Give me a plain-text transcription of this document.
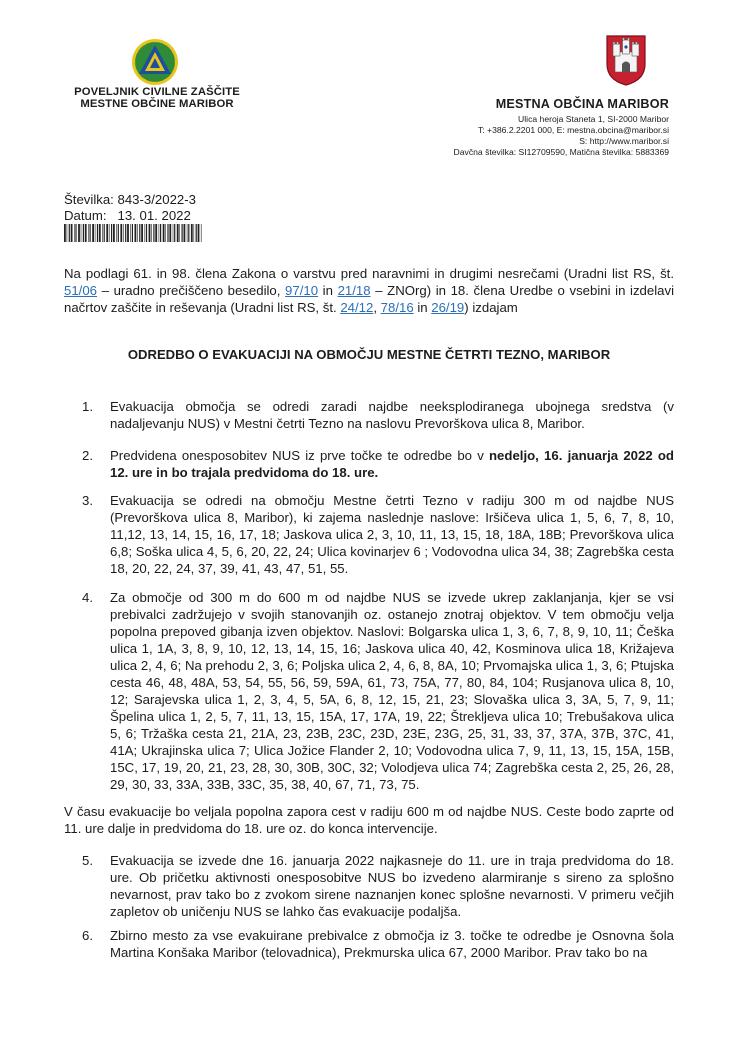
POVELJNIK CIVILNE ZAŠČITE
MESTNE OBČINE MARIBOR	MESTNA OBČINA MARIBOR
Ulica heroja Staneta 1, SI-2000 Maribor
T: +386.2.2201 000, E: mestna.obcina@maribor.si
S: http://www.maribor.si
Davčna številka: SI12709590, Matična številka: 5883369
Številka: 843-3/2022-3
Datum: 13. 01. 2022
Na podlagi 61. in 98. člena Zakona o varstvu pred naravnimi in drugimi nesrečami (Uradni list RS, št. 51/06 – uradno prečiščeno besedilo, 97/10 in 21/18 – ZNOrg) in 18. člena Uredbe o vsebini in izdelavi načrtov zaščite in reševanja (Uradni list RS, št. 24/12, 78/16 in 26/19) izdajam
ODREDBO O EVAKUACIJI NA OBMOČJU MESTNE ČETRTI TEZNO, MARIBOR
1.	Evakuacija območja se odredi zaradi najdbe neeksplodiranega ubojnega sredstva (v nadaljevanju NUS) v Mestni četrti Tezno na naslovu Prevorškova ulica 8, Maribor.
2.	Predvidena onesposobitev NUS iz prve točke te odredbe bo v nedeljo, 16. januarja 2022 od 12. ure in bo trajala predvidoma do 18. ure.
3.	Evakuacija se odredi na območju Mestne četrti Tezno v radiju 300 m od najdbe NUS (Prevorškova ulica 8, Maribor), ki zajema naslednje naslove: Iršičeva ulica 1, 5, 6, 7, 8, 10, 11,12, 13, 14, 15, 16, 17, 18; Jaskova ulica 2, 3, 10, 11, 13, 15, 18, 18A, 18B; Prevorškova ulica 6,8; Soška ulica 4, 5, 6, 20, 22, 24; Ulica kovinarjev 6 ; Vodovodna ulica 34, 38; Zagrebška cesta 18, 20, 22, 24, 37, 39, 41, 43, 47, 51, 55.
4.	Za območje od 300 m do 600 m od najdbe NUS se izvede ukrep zaklanjanja, kjer se vsi prebivalci zadržujejo v svojih stanovanjih oz. ostanejo znotraj objektov. V tem območju velja popolna prepoved gibanja izven objektov. Naslovi: Bolgarska ulica 1, 3, 6, 7, 8, 9, 10, 11; Češka ulica 1, 1A, 3, 8, 9, 10, 12, 13, 14, 15, 16; Jaskova ulica 40, 42, Kosminova ulica 18, Križajeva ulica 2, 4, 6; Na prehodu 2, 3, 6; Poljska ulica 2, 4, 6, 8, 8A, 10; Prvomajska ulica 1, 3, 6; Ptujska cesta 46, 48, 48A, 53, 54, 55, 56, 59, 59A, 61, 73, 75A, 77, 80, 84, 104; Rusjanova ulica 8, 10, 12; Sarajevska ulica 1, 2, 3, 4, 5, 5A, 6, 8, 12, 15, 21, 23; Slovaška ulica 3, 3A, 5, 7, 9, 11; Špelina ulica 1, 2, 5, 7, 11, 13, 15, 15A, 17, 17A, 19, 22; Štrekljeva ulica 10; Trebušakova ulica 5, 6; Tržaška cesta 21, 21A, 23, 23B, 23C, 23D, 23E, 23G, 25, 31, 33, 37, 37A, 37B, 37C, 41, 41A; Ukrajinska ulica 7; Ulica Jožice Flander 2, 10; Vodovodna ulica 7, 9, 11, 13, 15, 15A, 15B, 15C, 17, 19, 20, 21, 23, 28, 30, 30B, 30C, 32; Volodjeva ulica 74; Zagrebška cesta 2, 25, 26, 28, 29, 30, 33, 33A, 33B, 33C, 35, 38, 40, 67, 71, 73, 75.
V času evakuacije bo veljala popolna zapora cest v radiju 600 m od najdbe NUS. Ceste bodo zaprte od 11. ure dalje in predvidoma do 18. ure oz. do konca intervencije.
5.	Evakuacija se izvede dne 16. januarja 2022 najkasneje do 11. ure in traja predvidoma do 18. ure. Ob pričetku aktivnosti onesposobitve NUS bo izvedeno alarmiranje s sireno za splošno nevarnost, prav tako bo z zvokom sirene naznanjen konec splošne nevarnosti. V primeru večjih zapletov ob uničenju NUS se lahko čas evakuacije podaljša.
6.	Zbirno mesto za vse evakuirane prebivalce z območja iz 3. točke te odredbe je Osnovna šola Martina Konšaka Maribor (telovadnica), Prekmurska ulica 67, 2000 Maribor. Prav tako bo na
